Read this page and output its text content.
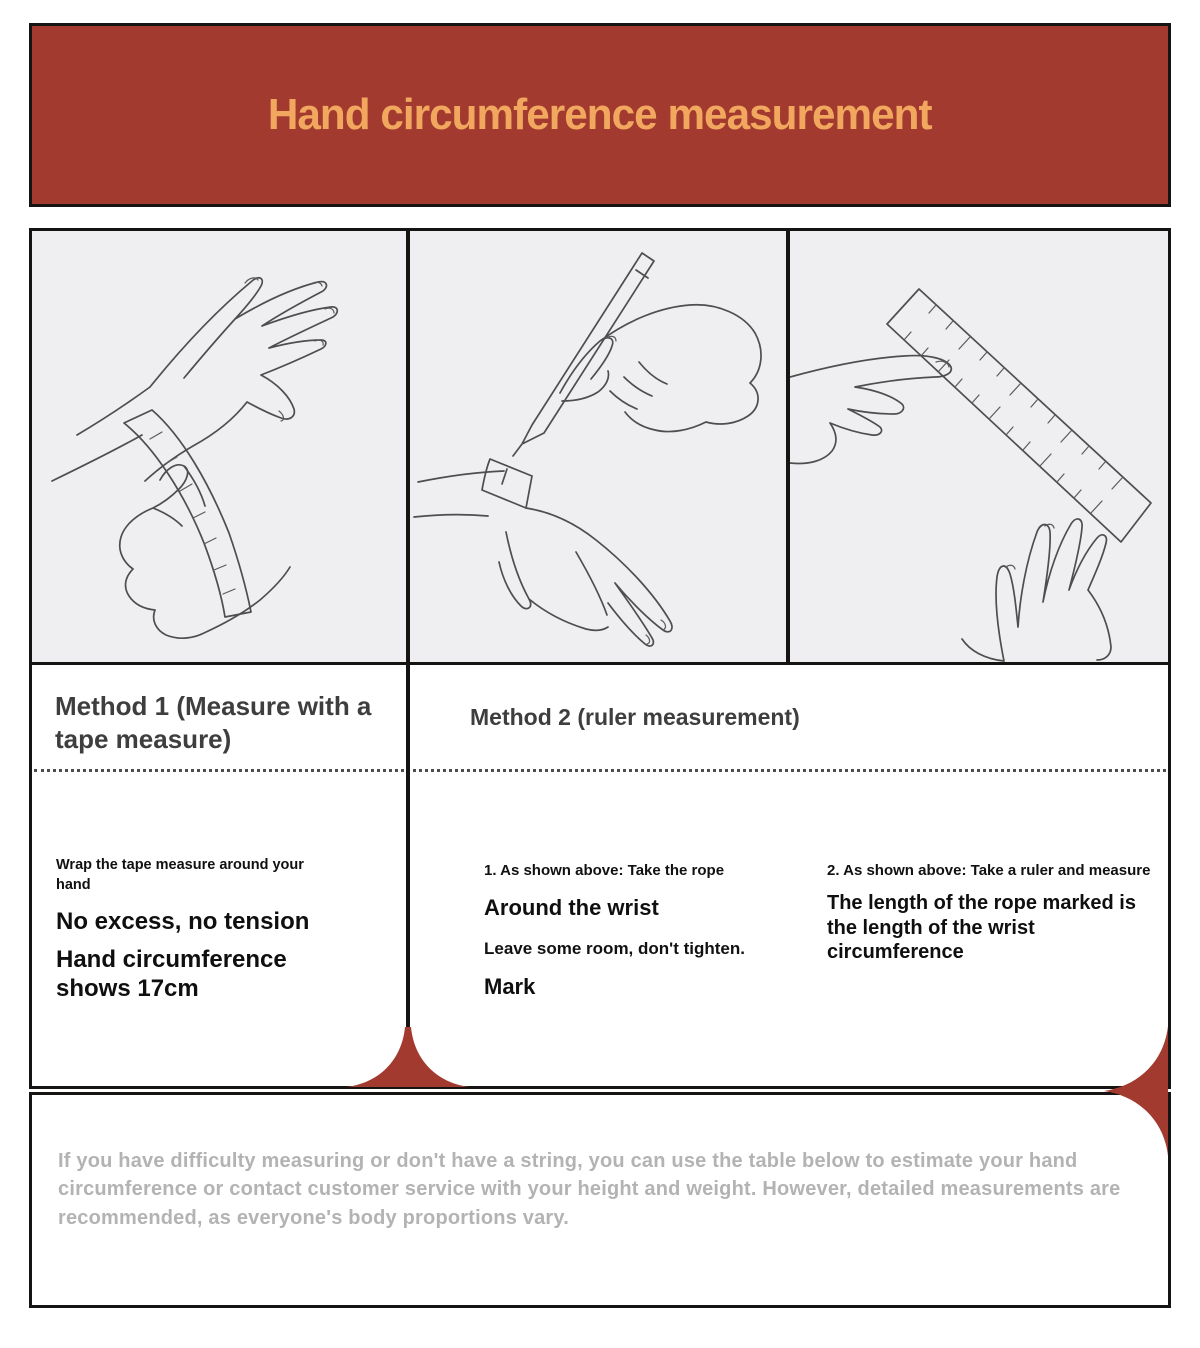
Hand circumference measurement
Method 1 (Measure with a tape measure)
Method 2 (ruler measurement)
Wrap the tape measure around your hand
No excess, no tension
Hand circumference shows 17cm
1. As shown above: Take the rope
Around the wrist
Leave some room, don't tighten.
Mark
2. As shown above: Take a ruler and measure
The length of the rope marked is the length of the wrist circumference
If you have difficulty measuring or don't have a string, you can use the table below to estimate your hand circumference or contact customer service with your height and weight. However, detailed measurements are recommended, as everyone's body proportions vary.
